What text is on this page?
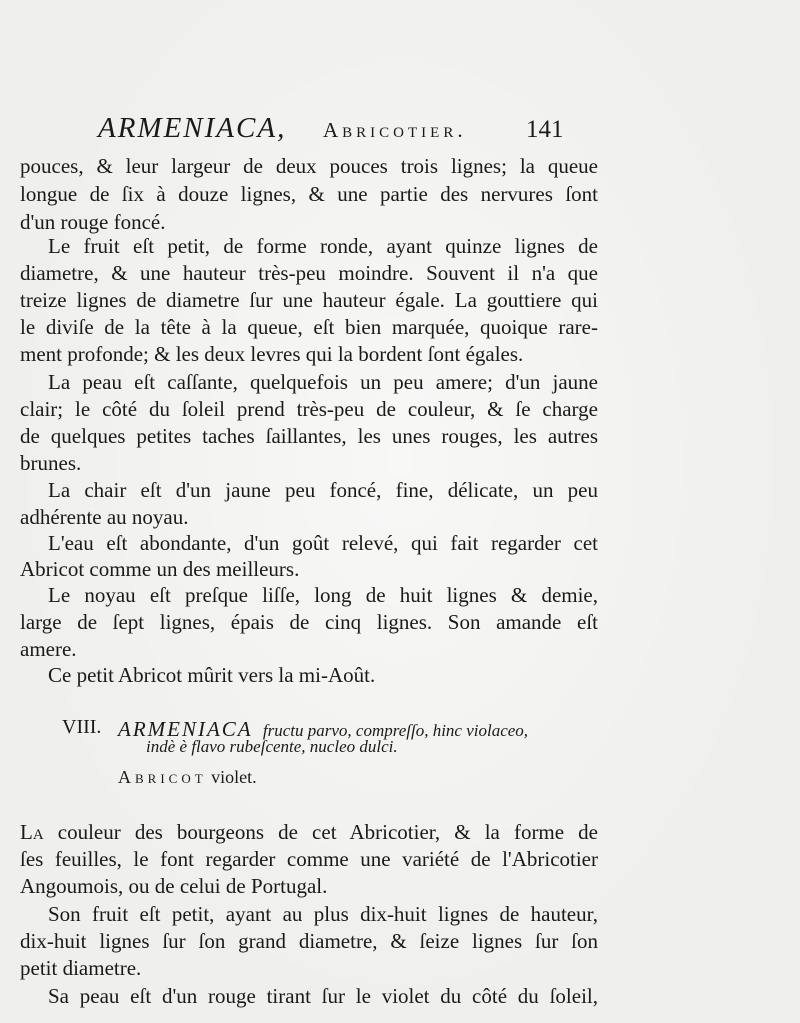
ARMENIACA, Abricotier. 141
pouces, & leur largeur de deux pouces trois lignes; la queue
longue de ſix à douze lignes, & une partie des nervures ſont
d'un rouge foncé.
Le fruit eſt petit, de forme ronde, ayant quinze lignes de
diametre, & une hauteur très-peu moindre. Souvent il n'a que
treize lignes de diametre ſur une hauteur égale. La gouttiere qui
le diviſe de la tête à la queue, eſt bien marquée, quoique rare-
ment profonde; & les deux levres qui la bordent ſont égales.
La peau eſt caſſante, quelquefois un peu amere; d'un jaune
clair; le côté du ſoleil prend très-peu de couleur, & ſe charge
de quelques petites taches ſaillantes, les unes rouges, les autres
brunes.
La chair eſt d'un jaune peu foncé, fine, délicate, un peu
adhérente au noyau.
L'eau eſt abondante, d'un goût relevé, qui fait regarder cet
Abricot comme un des meilleurs.
Le noyau eſt preſque liſſe, long de huit lignes & demie,
large de ſept lignes, épais de cinq lignes. Son amande eſt
amere.
Ce petit Abricot mûrit vers la mi-Août.
La couleur des bourgeons de cet Abricotier, & la forme de
ſes feuilles, le font regarder comme une variété de l'Abricotier
Angoumois, ou de celui de Portugal.
Son fruit eſt petit, ayant au plus dix-huit lignes de hauteur,
dix-huit lignes ſur ſon grand diametre, & ſeize lignes ſur ſon
petit diametre.
Sa peau eſt d'un rouge tirant ſur le violet du côté du ſoleil,
VIII. ARMENIACA fructu parvo, compreſſo, hinc violaceo,
indè è flavo rubeſcente, nucleo dulci.
Abricot violet.
